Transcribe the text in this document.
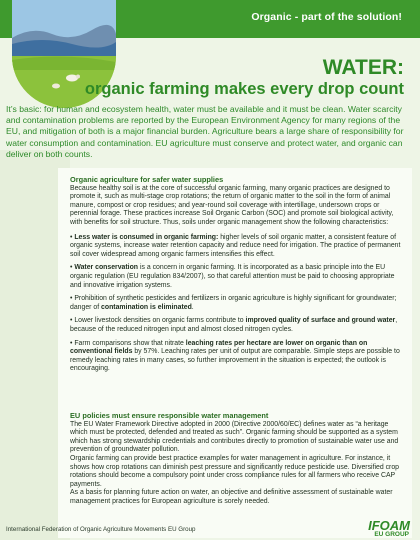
Organic - part of the solution!
WATER:
organic farming makes every drop count
It’s basic: for human and ecosystem health, water must be available and it must be clean. Water scarcity and contamination problems are reported by the European Environment Agency for many regions of the EU, and mitigation of both is a major financial burden. Agriculture bears a large share of responsibility for water consumption and contamination. EU agriculture must conserve and protect water, and organic can deliver on both counts.
Organic agriculture for safer water supplies

Because healthy soil is at the core of successful organic farming, many organic practices are designed to promote it, such as multi-stage crop rotations; the return of organic matter to the soil in the form of animal manure, compost or crop residues; and year-round soil coverage with intertillage, undersown crops or perennial forage. These practices increase Soil Organic Carbon (SOC) and promote soil biological activity, with benefits for soil structure. Thus, soils under organic management show the following characteristics:

• Less water is consumed in organic farming: higher levels of soil organic matter, a consistent feature of organic systems, increase water retention capacity and reduce need for irrigation. The practice of permanent soil cover widespread among organic farmers intensifies this effect.

• Water conservation is a concern in organic farming. It is incorporated as a basic principle into the EU organic regulation (EU regulation 834/2007), so that careful attention must be paid to choosing appropriate and innovative irrigation systems.

• Prohibition of synthetic pesticides and fertilizers in organic agriculture is highly significant for groundwater; danger of contamination is eliminated.

• Lower livestock densities on organic farms contribute to improved quality of surface and ground water, because of the reduced nitrogen input and almost closed nitrogen cycles.

• Farm comparisons show that nitrate leaching rates per hectare are lower on organic than on conventional fields by 57%. Leaching rates per unit of output are comparable. Simple steps are possible to remedy leaching rates in many cases, so further improvement in the situation is expected; the outlook is encouraging.

EU policies must ensure responsible water management

The EU Water Framework Directive adopted in 2000 (Directive 2000/60/EC) defines water as “a heritage which must be protected, defended and treated as such”. Organic farming should be supported as a system which has strong stewardship credentials and contributes directly to promotion of sustainable water use and prevention of groundwater pollution.

Organic farming can provide best practice examples for water management in agriculture. For instance, it shows how crop rotations can diminish pest pressure and significantly reduce pesticide use. Diversified crop rotations should become a compulsory point under cross compliance rules for all farmers who receive CAP payments.

As a basis for planning future action on water, an objective and definitive assessment of sustainable water management practices for European agriculture is sorely needed.

International Federation of Organic Agriculture Movements EU Group	IFOAM
EU GROUP
